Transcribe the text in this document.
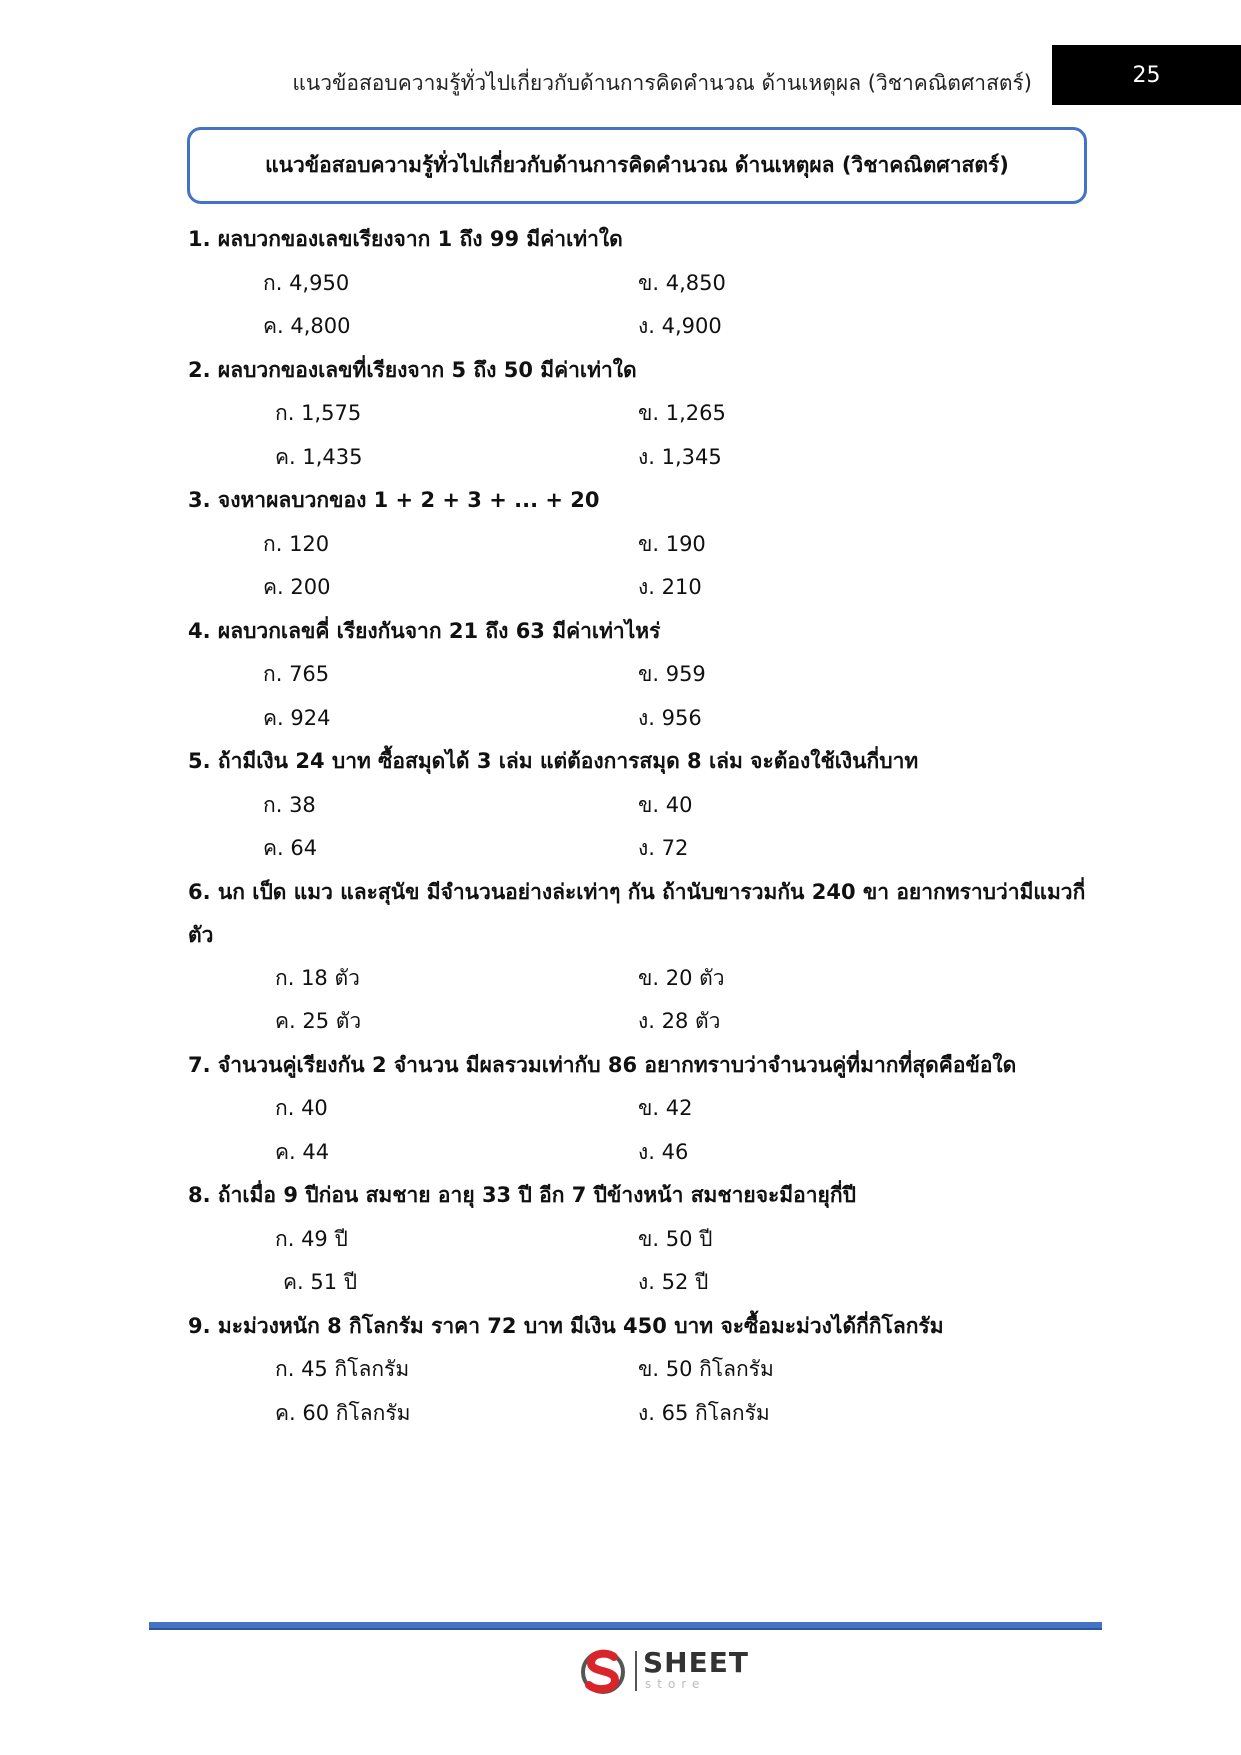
แนวข้อสอบความรู้ทั่วไปเกี่ยวกับด้านการคิดคำนวณ ด้านเหตุผล (วิชาคณิตศาสตร์)	25
แนวข้อสอบความรู้ทั่วไปเกี่ยวกับด้านการคิดคำนวณ ด้านเหตุผล (วิชาคณิตศาสตร์)
1. ผลบวกของเลขเรียงจาก 1 ถึง 99 มีค่าเท่าใด
ก. 4,950	ข. 4,850
ค. 4,800	ง. 4,900
2. ผลบวกของเลขที่เรียงจาก 5 ถึง 50 มีค่าเท่าใด
ก. 1,575	ข. 1,265
ค. 1,435	ง. 1,345
3. จงหาผลบวกของ 1 + 2 + 3 + ... + 20
ก. 120	ข. 190
ค. 200	ง. 210
4. ผลบวกเลขคี่ เรียงกันจาก 21 ถึง 63 มีค่าเท่าไหร่
ก. 765	ข. 959
ค. 924	ง. 956
5. ถ้ามีเงิน 24 บาท ซื้อสมุดได้ 3 เล่ม แต่ต้องการสมุด 8 เล่ม จะต้องใช้เงินกี่บาท
ก. 38	ข. 40
ค. 64	ง. 72
6. นก เป็ด แมว และสุนัข มีจำนวนอย่างล่ะเท่าๆ กัน ถ้านับขารวมกัน 240 ขา อยากทราบว่ามีแมวกี่ตัว
ก. 18 ตัว	ข. 20 ตัว
ค. 25 ตัว	ง. 28 ตัว
7. จำนวนคู่เรียงกัน 2 จำนวน มีผลรวมเท่ากับ 86 อยากทราบว่าจำนวนคู่ที่มากที่สุดคือข้อใด
ก. 40	ข. 42
ค. 44	ง. 46
8. ถ้าเมื่อ 9 ปีก่อน สมชาย อายุ 33 ปี อีก 7 ปีข้างหน้า สมชายจะมีอายุกี่ปี
ก. 49 ปี	ข. 50 ปี
ค. 51 ปี	ง. 52 ปี
9. มะม่วงหนัก 8 กิโลกรัม ราคา 72 บาท มีเงิน 450 บาท จะซื้อมะม่วงได้กี่กิโลกรัม
ก. 45 กิโลกรัม	ข. 50 กิโลกรัม
ค. 60 กิโลกรัม	ง. 65 กิโลกรัม
SHEET
store
